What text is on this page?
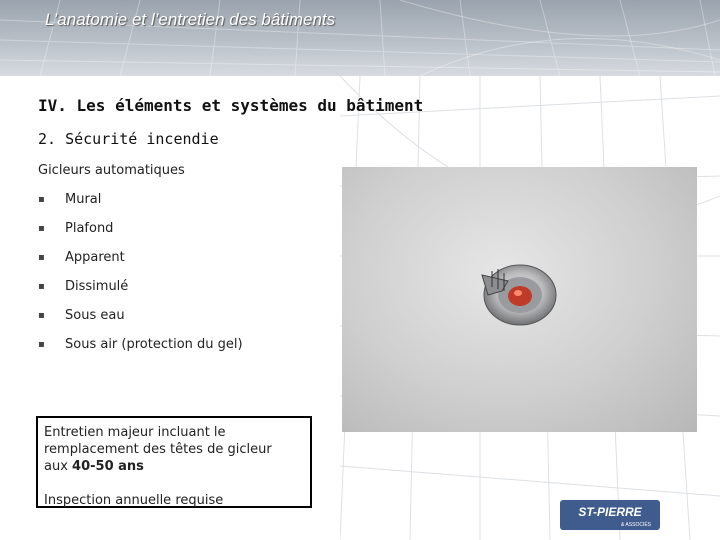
L’anatomie et l’entretien des bâtiments
IV. Les éléments et systèmes du bâtiment
2. Sécurité incendie
Gicleurs automatiques
▪ Mural
▪ Plafond
▪ Apparent
▪ Dissimulé
▪ Sous eau
▪ Sous air (protection du gel)

Entretien majeur incluant le

remplacement des têtes de gicleur

aux 40-50 ans

Inspection annuelle requise

ST-PIERRE
& ASSOCIÉS
